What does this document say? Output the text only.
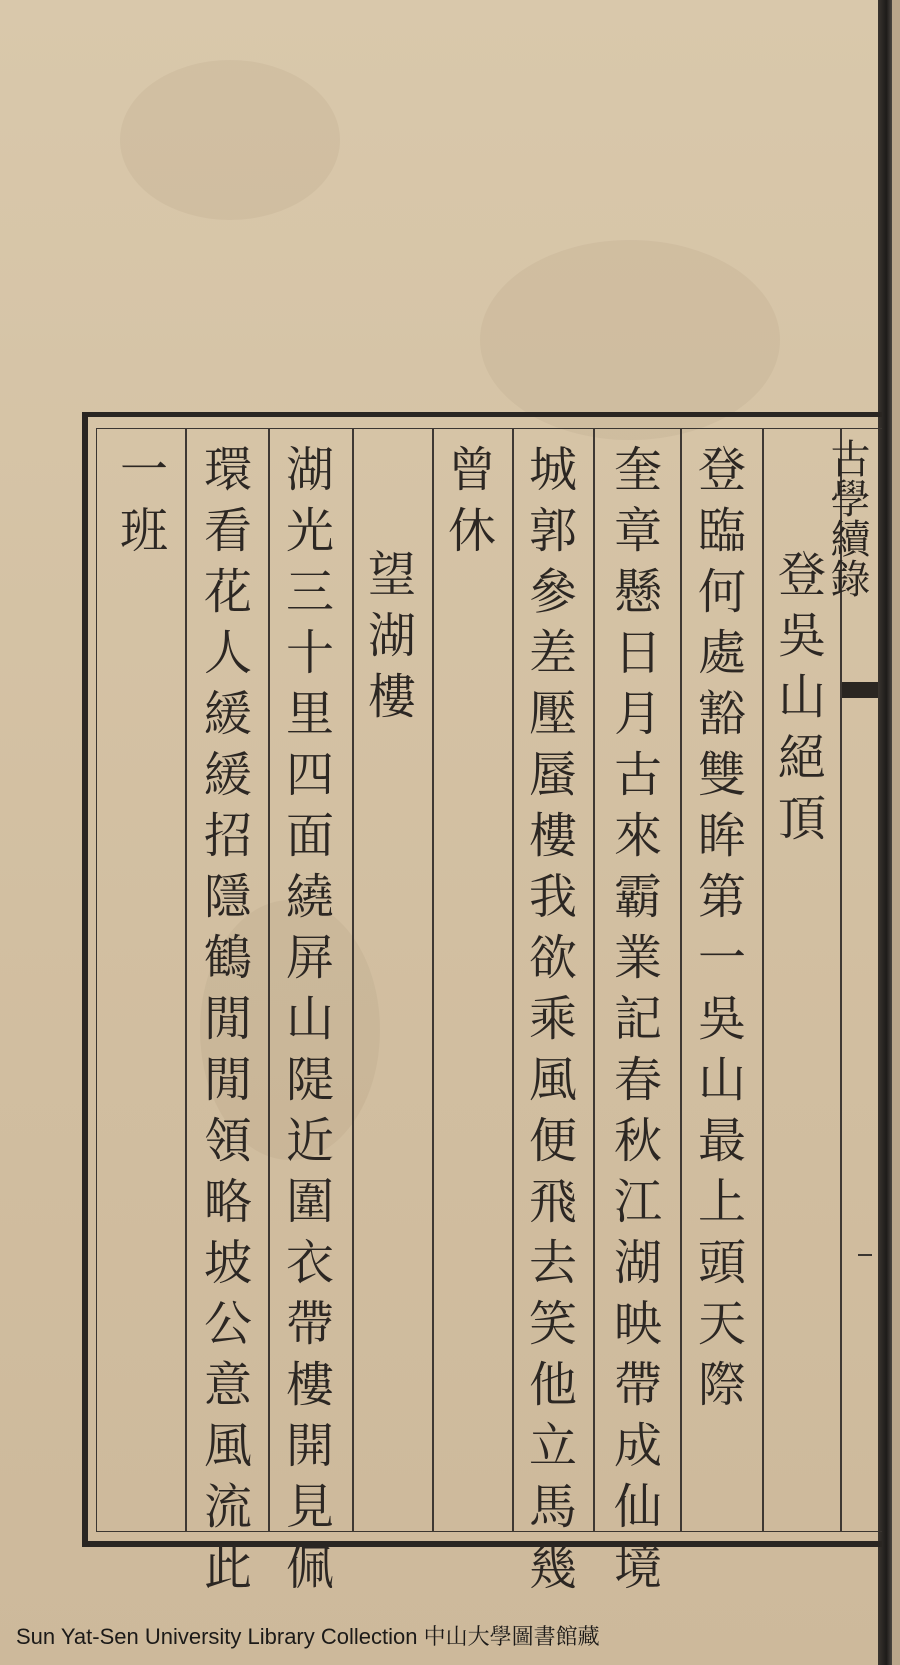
古學續錄
登
吳
山
絕
頂
登
臨
何
處
豁
雙
眸
第
一
吳
山
最
上
頭
天
際
奎
章
懸
日
月
古
來
霸
業
記
春
秋
江
湖
映
帶
成
仙
境
城
郭
參
差
壓
蜃
樓
我
欲
乘
風
便
飛
去
笑
他
立
馬
幾
曾
休
望
湖
樓
湖
光
三
十
里
四
面
繞
屏
山
隄
近
圍
衣
帶
樓
開
見
佩
環
看
花
人
緩
緩
招
隱
鶴
閒
閒
領
略
坡
公
意
風
流
此
一
班
Sun Yat-Sen University Library Collection 中山大學圖書館藏
